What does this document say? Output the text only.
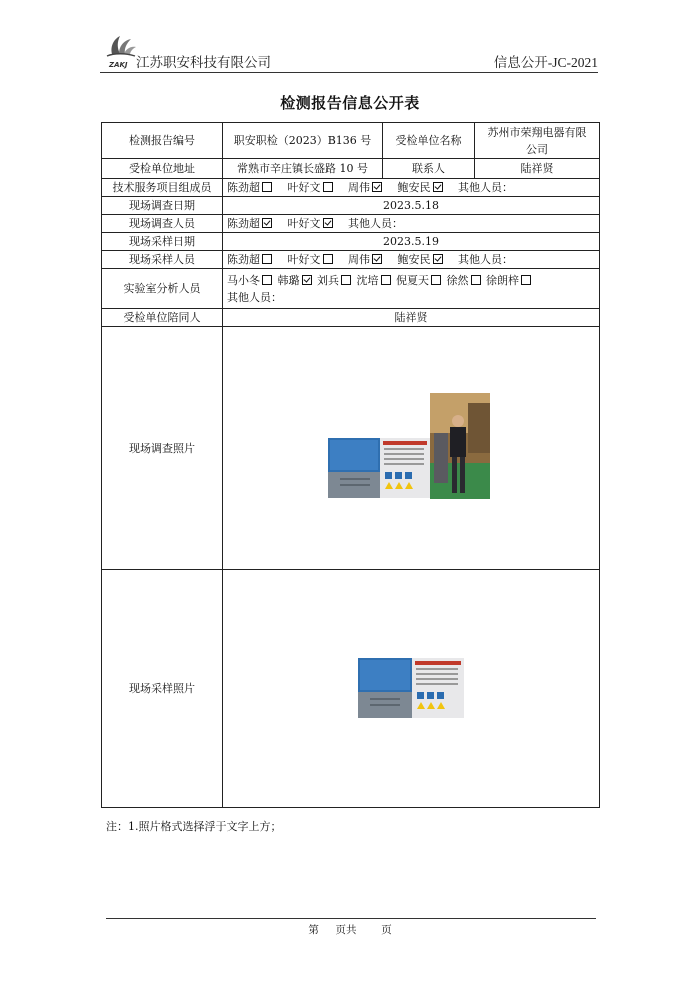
ZAKJ 江苏职安科技有限公司	信息公开-JC-2021
检测报告信息公开表
检测报告编号	职安职检（2023）B136 号	受检单位名称	苏州市荣翔电器有限
公司

受检单位地址	常熟市辛庄镇长盛路 10 号	联系人	陆祥贤
技术服务项目组成员	陈劲超 叶好文 周伟 鲍安民 其他人员：		
现场调查日期	2023.5.18		
现场调查人员	陈劲超 叶好文 其他人员：		
现场采样日期	2023.5.19		
现场采样人员	陈劲超 叶好文 周伟 鲍安民 其他人员：		
实验室分析人员	马小冬 韩璐 刘兵 沈培 倪夏天 徐然 徐朗梓
其他人员：		

受检单位陪同人	陆祥贤		
现场调查照片	

现场采样照片	
注：1.照片格式选择浮于文字上方；
第 页共 页
